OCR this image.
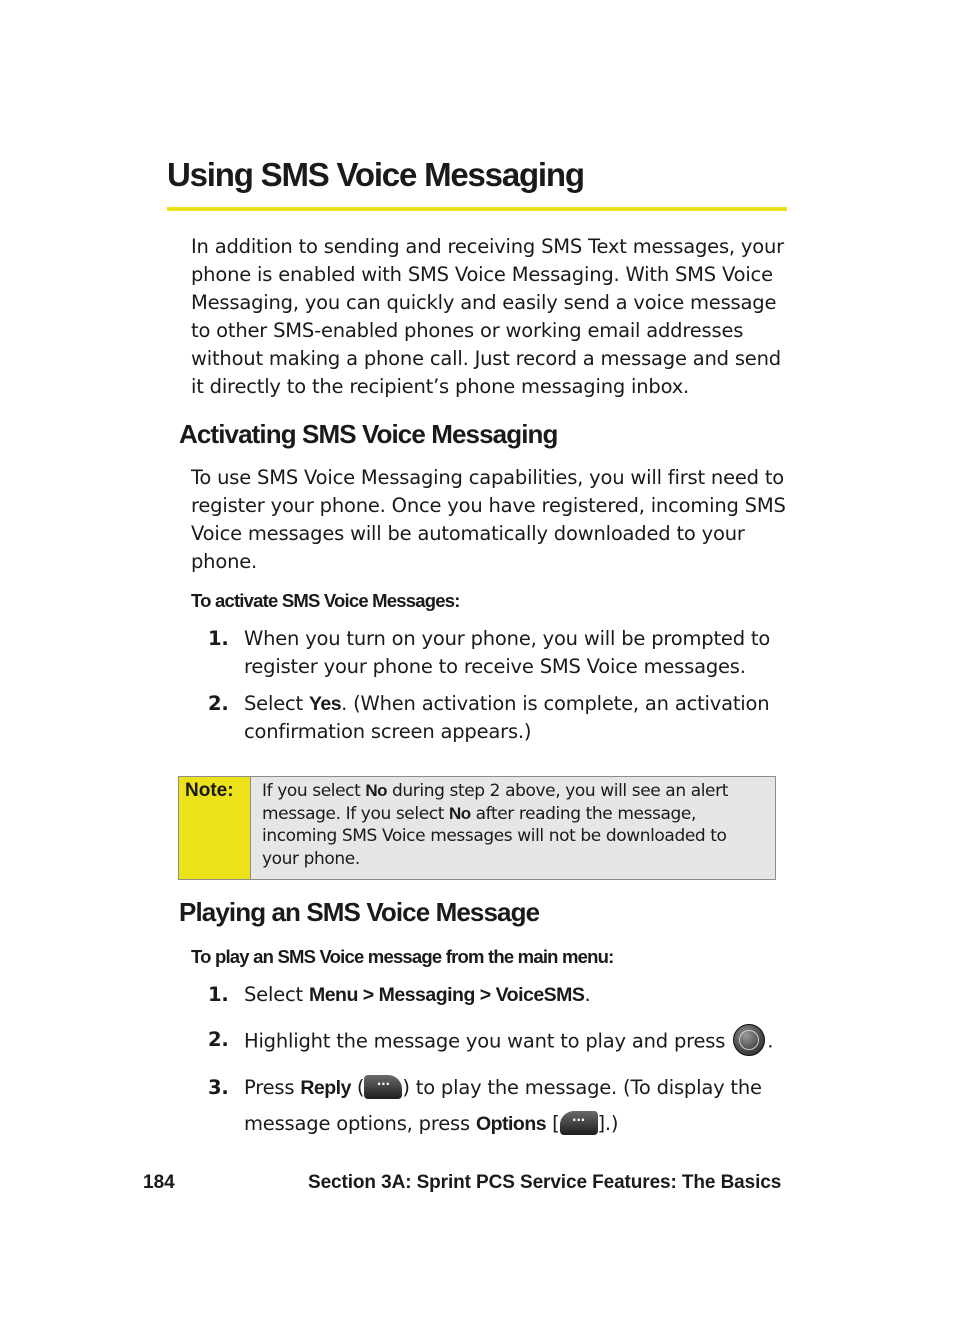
Using SMS Voice Messaging

In addition to sending and receiving SMS Text messages, your phone is enabled with SMS Voice Messaging. With SMS Voice Messaging, you can quickly and easily send a voice message to other SMS-enabled phones or working email addresses without making a phone call. Just record a message and send it directly to the recipient’s phone messaging inbox.

Activating SMS Voice Messaging

To use SMS Voice Messaging capabilities, you will first need to register your phone. Once you have registered, incoming SMS Voice messages will be automatically downloaded to your phone.

To activate SMS Voice Messages:

1. When you turn on your phone, you will be prompted to register your phone to receive SMS Voice messages.
2. Select Yes. (When activation is complete, an activation confirmation screen appears.)
Note: If you select No during step 2 above, you will see an alert message. If you select No after reading the message, incoming SMS Voice messages will not be downloaded to your phone.
Playing an SMS Voice Message

To play an SMS Voice message from the main menu:

1. Select Menu > Messaging > VoiceSMS.
2. Highlight the message you want to play and press .
3. Press Reply ( ··· ) to play the message. (To display the message options, press Options [ ··· ].)
184	Section 3A: Sprint PCS Service Features: The Basics
